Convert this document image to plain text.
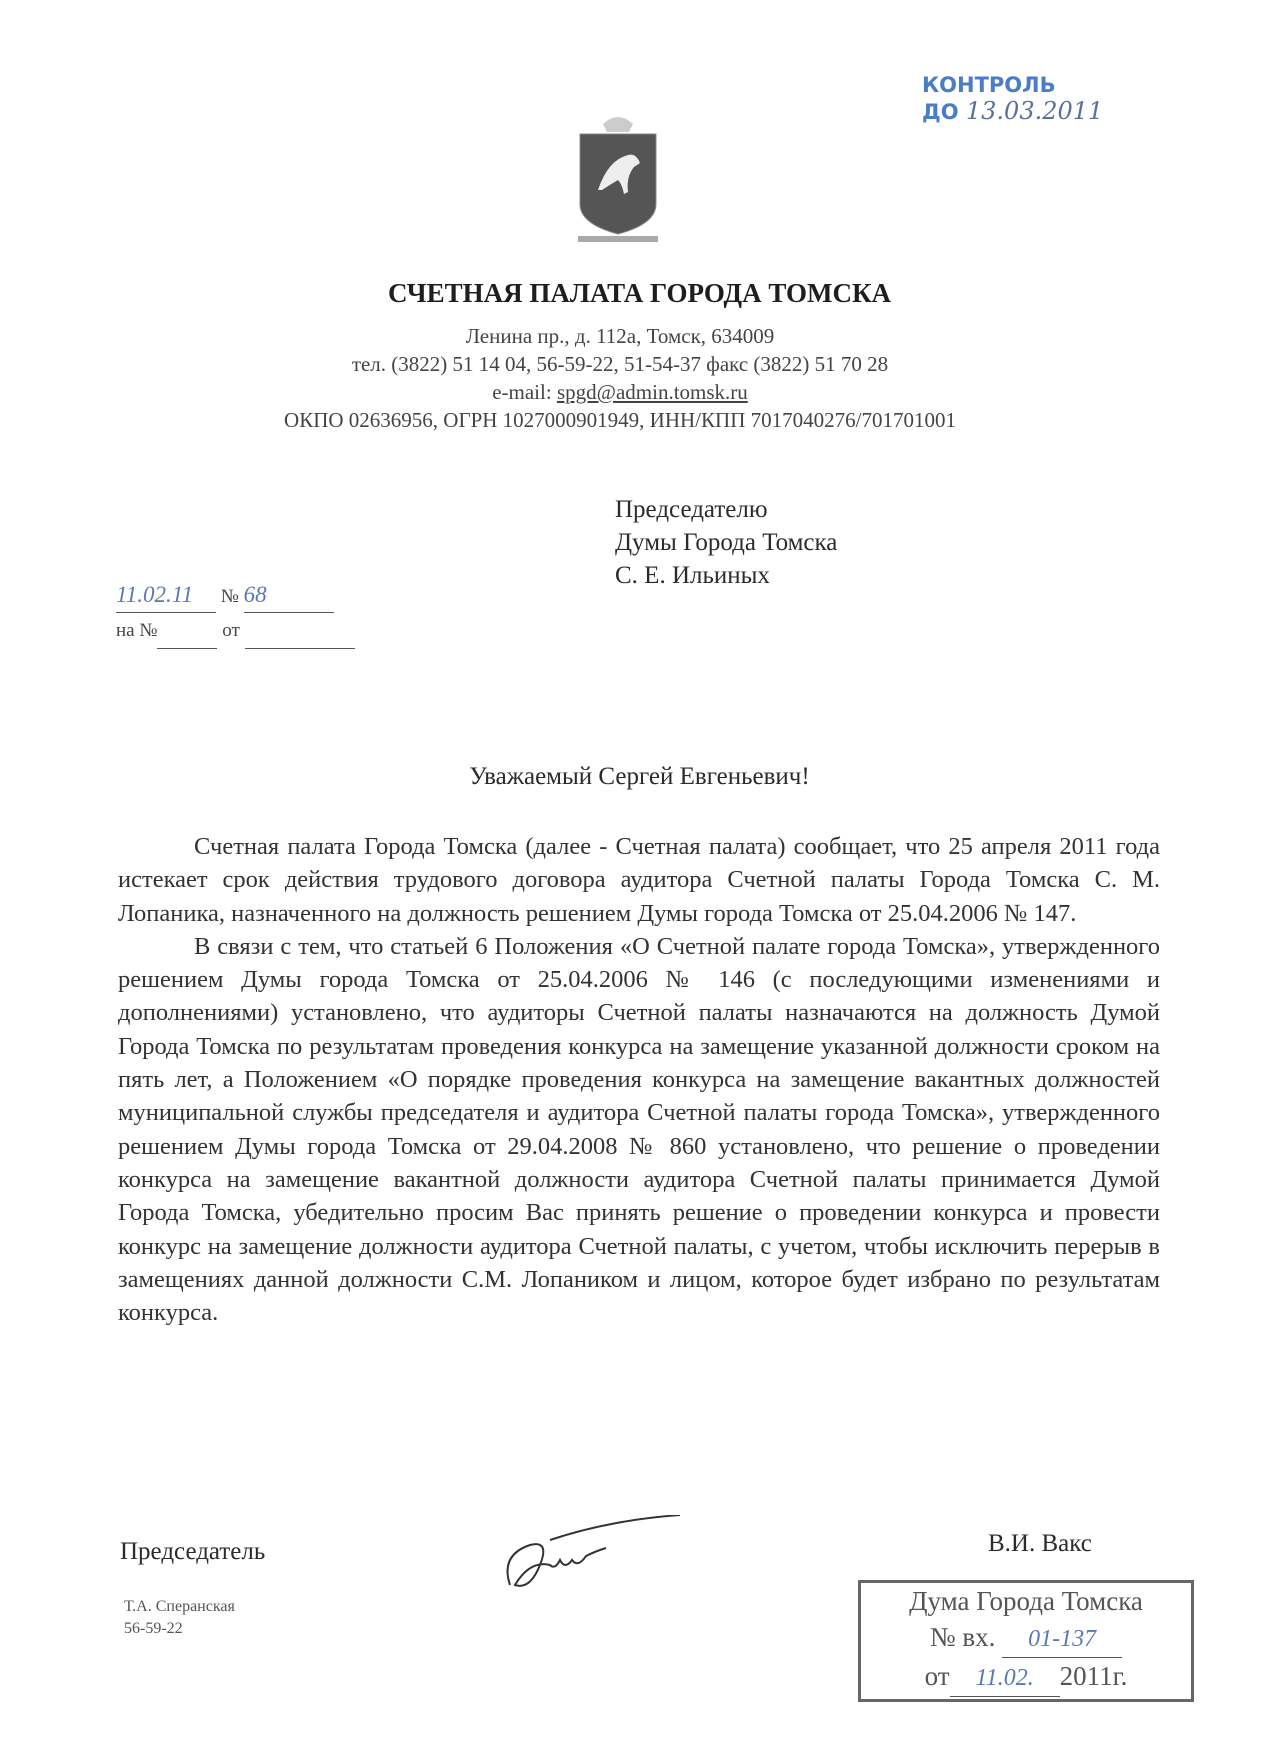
КОНТРОЛЬ
ДО 13.03.2011
СЧЕТНАЯ ПАЛАТА ГОРОДА ТОМСКА
Ленина пр., д. 112а, Томск, 634009
тел. (3822) 51 14 04, 56-59-22, 51-54-37 факс (3822) 51 70 28
e-mail: spgd@admin.tomsk.ru
ОКПО 02636956, ОГРН 1027000901949, ИНН/КПП 7017040276/701701001
Председателю
Думы Города Томска
С. Е. Ильиных
11.02.11 № 68
на №	от
Уважаемый Сергей Евгеньевич!

Счетная палата Города Томска (далее - Счетная палата) сообщает, что 25 апреля 2011 года истекает срок действия трудового договора аудитора Счетной палаты Города Томска С. М. Лопаника, назначенного на должность решением Думы города Томска от 25.04.2006 № 147.

В связи с тем, что статьей 6 Положения «О Счетной палате города Томска», утвержденного решением Думы города Томска от 25.04.2006 № 146 (с последующими изменениями и дополнениями) установлено, что аудиторы Счетной палаты назначаются на должность Думой Города Томска по результатам проведения конкурса на замещение указанной должности сроком на пять лет, а Положением «О порядке проведения конкурса на замещение вакантных должностей муниципальной службы председателя и аудитора Счетной палаты города Томска», утвержденного решением Думы города Томска от 29.04.2008 № 860 установлено, что решение о проведении конкурса на замещение вакантной должности аудитора Счетной палаты принимается Думой Города Томска, убедительно просим Вас принять решение о проведении конкурса и провести конкурс на замещение должности аудитора Счетной палаты, с учетом, чтобы исключить перерыв в замещениях данной должности С.М. Лопаником и лицом, которое будет избрано по результатам конкурса.

Председатель
Т.А. Сперанская
56-59-22
В.И. Вакс
Дума Города Томска
№ вх. 01-137
от 11.02. 2011г.
